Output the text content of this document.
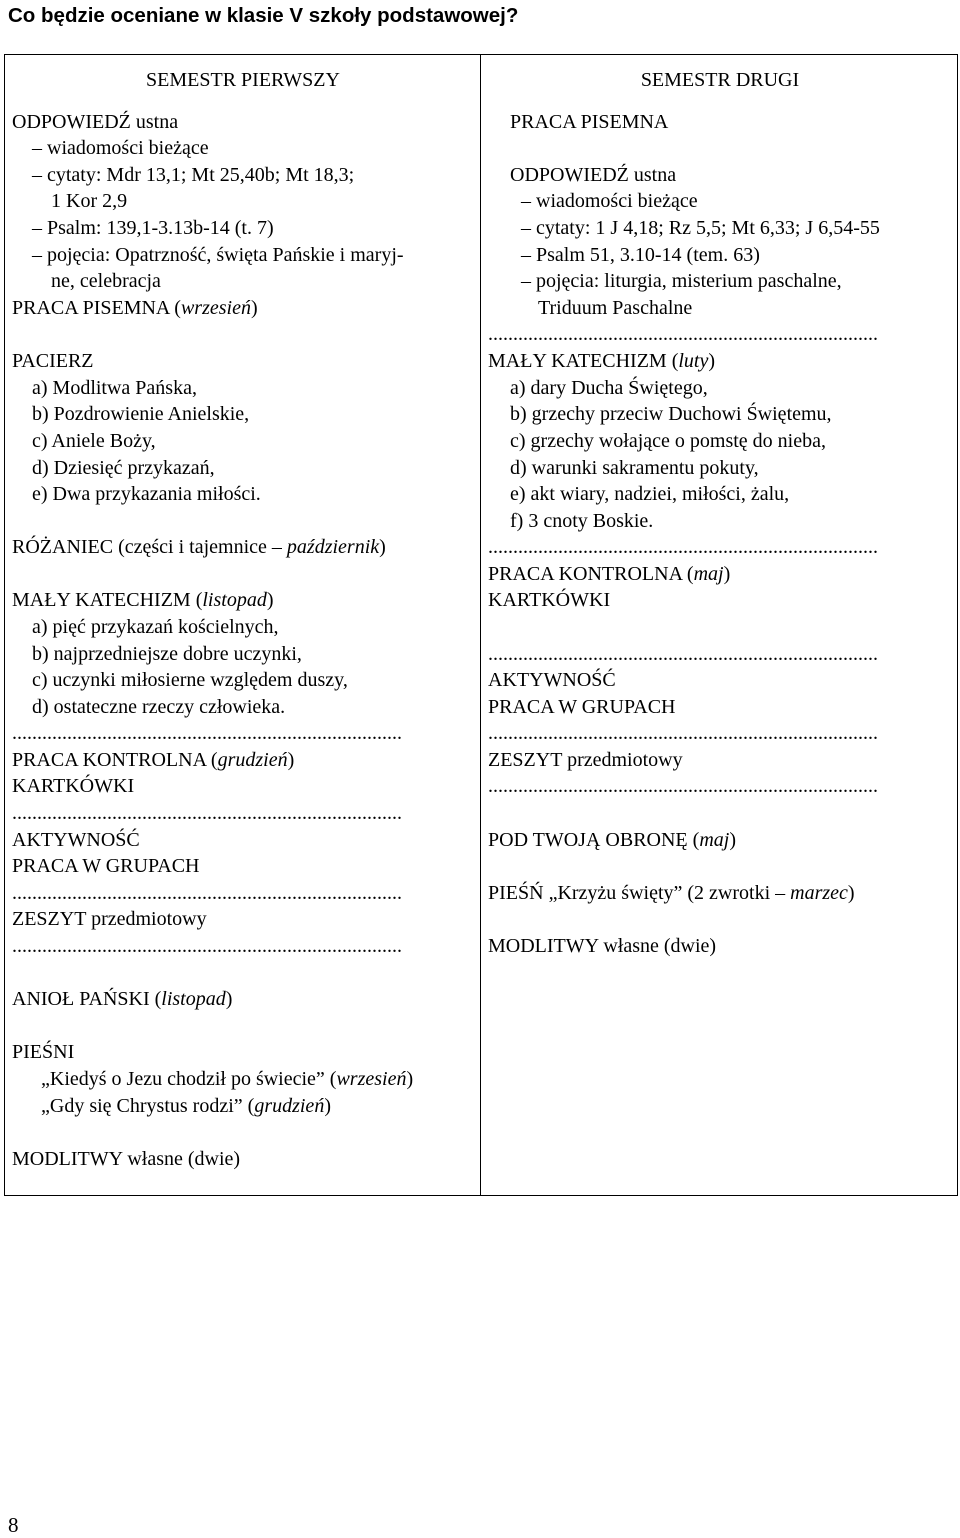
Co będzie oceniane w klasie V szkoły podstawowej?
SEMESTR PIERWSZY
ODPOWIEDŹ ustna
– wiadomości bieżące
– cytaty: Mdr 13,1; Mt 25,40b; Mt 18,3;
1 Kor 2,9
– Psalm: 139,1-3.13b-14 (t. 7)
– pojęcia: Opatrzność, święta Pańskie i maryj-
ne, celebracja
PRACA PISEMNA (wrzesień)
PACIERZ
a) Modlitwa Pańska,
b) Pozdrowienie Anielskie,
c) Aniele Boży,
d) Dziesięć przykazań,
e) Dwa przykazania miłości.
RÓŻANIEC (części i tajemnice – październik)
MAŁY KATECHIZM (listopad)
a) pięć przykazań kościelnych,
b) najprzedniejsze dobre uczynki,
c) uczynki miłosierne względem duszy,
d) ostateczne rzeczy człowieka.
..............................................................................
PRACA KONTROLNA (grudzień)
KARTKÓWKI
..............................................................................
AKTYWNOŚĆ
PRACA W GRUPACH
..............................................................................
ZESZYT przedmiotowy
..............................................................................
ANIOŁ PAŃSKI (listopad)
PIEŚNI
„Kiedyś o Jezu chodził po świecie” (wrzesień)
„Gdy się Chrystus rodzi” (grudzień)
MODLITWY własne (dwie)
SEMESTR DRUGI
PRACA PISEMNA
ODPOWIEDŹ ustna
– wiadomości bieżące
– cytaty: 1 J 4,18; Rz 5,5; Mt 6,33; J 6,54-55
– Psalm 51, 3.10-14 (tem. 63)
– pojęcia: liturgia, misterium paschalne,
Triduum Paschalne
..............................................................................
MAŁY KATECHIZM (luty)
a) dary Ducha Świętego,
b) grzechy przeciw Duchowi Świętemu,
c) grzechy wołające o pomstę do nieba,
d) warunki sakramentu pokuty,
e) akt wiary, nadziei, miłości, żalu,
f) 3 cnoty Boskie.
..............................................................................
PRACA KONTROLNA (maj)
KARTKÓWKI
..............................................................................
AKTYWNOŚĆ
PRACA W GRUPACH
..............................................................................
ZESZYT przedmiotowy
..............................................................................
POD TWOJĄ OBRONĘ (maj)
PIEŚŃ „Krzyżu święty” (2 zwrotki – marzec)
MODLITWY własne (dwie)
8
